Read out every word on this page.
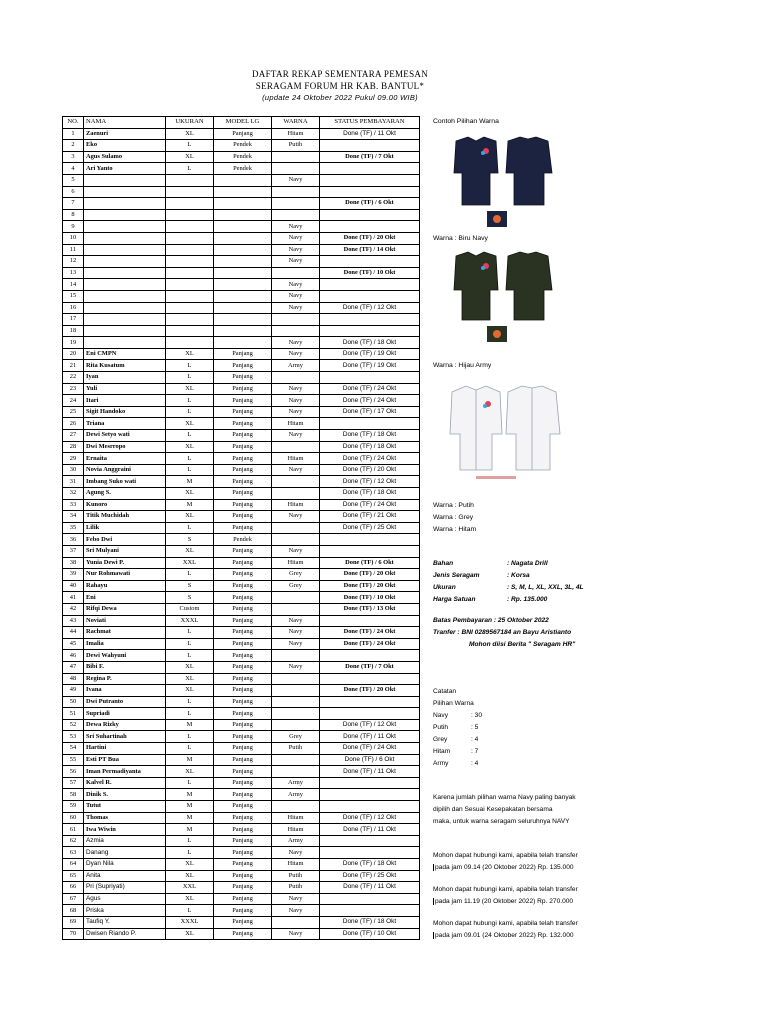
DAFTAR REKAP SEMENTARA PEMESAN
SERAGAM FORUM HR KAB. BANTUL*
(update 24 Oktober 2022 Pukul 09.00 WIB)
NO.	NAMA	UKURAN	MODEL LG	WARNA	STATUS PEMBAYARAN
1	Zaenuri	XL	Panjang	Hitam	Done (TF) / 11 Okt
2	Eko	L	Pendek	Putih	
3	Agus Sulamo	XL	Pendek		Done (TF) / 7 Okt
4	Ari Yanto	L	Pendek		
5				Navy	
6					
7					Done (TF) / 6 Okt
8					
9				Navy	
10				Navy	Done (TF) / 20 Okt
11				Navy	Done (TF) / 14 Okt
12				Navy	
13					Done (TF) / 10 Okt
14				Navy	
15				Navy	
16				Navy	Done (TF) / 12 Okt
17					
18					
19				Navy	Done (TF) / 18 Okt
20	Eni CMPN	XL	Panjang	Navy	Done (TF) / 19 Okt
21	Rita Kusatum	L	Panjang	Army	Done (TF) / 19 Okt
22	Iyan	L	Panjang		
23	Yuli	XL	Panjang	Navy	Done (TF) / 24 Okt
24	Itari	L	Panjang	Navy	Done (TF) / 24 Okt
25	Sigit Handoko	L	Panjang	Navy	Done (TF) / 17 Okt
26	Triana	XL	Panjang	Hitam	
27	Dewi Setyo wati	L	Panjang	Navy	Done (TF) / 18 Okt
28	Dwi Mesrropo	XL	Panjang		Done (TF) / 18 Okt
29	Ernaita	L	Panjang	Hitam	Done (TF) / 24 Okt
30	Novia Anggraini	L	Panjang	Navy	Done (TF) / 20 Okt
31	Imbang Suko wati	M	Panjang		Done (TF) / 12 Okt
32	Agung S.	XL	Panjang		Done (TF) / 18 Okt
33	Kunoro	M	Panjang	Hitam	Done (TF) / 24 Okt
34	Titik Muchidah	XL	Panjang	Navy	Done (TF) / 21 Okt
35	Lilik	L	Panjang		Done (TF) / 25 Okt
36	Febo Dwi	S	Pendek		
37	Sri Mulyani	XL	Panjang	Navy	
38	Yunia Dewi P.	XXL	Panjang	Hitam	Done (TF) / 6 Okt
39	Nur Rohmawati	L	Panjang	Grey	Done (TF) / 20 Okt
40	Rahayu	S	Panjang	Grey	Done (TF) / 20 Okt
41	Eni	S	Panjang		Done (TF) / 10 Okt
42	Rifqi Dewa	Custom	Panjang		Done (TF) / 13 Okt
43	Noviati	XXXL	Panjang	Navy	
44	Rachmat	L	Panjang	Navy	Done (TF) / 24 Okt
45	Imalia	L	Panjang	Navy	Done (TF) / 24 Okt
46	Dewi Wahyuni	L	Panjang		
47	Bibi F.	XL	Panjang	Navy	Done (TF) / 7 Okt
48	Regina P.	XL	Panjang		
49	Ivana	XL	Panjang		Done (TF) / 20 Okt
50	Dwi Putranto	L	Panjang		
51	Supriadi	L	Panjang		
52	Dewa Rizky	M	Panjang		Done (TF) / 12 Okt
53	Sri Suhartinah	L	Panjang	Grey	Done (TF) / 11 Okt
54	Hartini	L	Panjang	Putih	Done (TF) / 24 Okt
55	Esti PT Bua	M	Panjang		Done (TF) / 6 Okt
56	Iman Permadiyanta	XL	Panjang		Done (TF) / 11 Okt
57	Kalvel R.	L	Panjang	Army	
58	Dinik S.	M	Panjang	Army	
59	Tutut	M	Panjang		
60	Thomas	M	Panjang	Hitam	Done (TF) / 12 Okt
61	Iwa Wiwin	M	Panjang	Hitam	Done (TF) / 11 Okt
62	Azmia	L	Panjang	Army	
63	Danang	L	Panjang	Navy	
64	Dyan Nila	XL	Panjang	Hitam	Done (TF) / 18 Okt
65	Anita	XL	Panjang	Putih	Done (TF) / 25 Okt
66	Pri (Supriyati)	XXL	Panjang	Putih	Done (TF) / 11 Okt
67	Agus	XL	Panjang	Navy	
68	Priska	L	Panjang	Navy	
69	Taufiq Y.	XXXL	Panjang		Done (TF) / 18 Okt
70	Dwisen Riando P.	XL	Panjang	Navy	Done (TF) / 10 Okt
Contoh Pilihan Warna
Warna : Biru Navy
Warna : Hijau Army
Warna : Putih
Warna : Grey
Warna : Hitam
Bahan	: Nagata Drill
Jenis Seragam	: Korsa
Ukuran	: S, M, L, XL, XXL, 3L, 4L
Harga Satuan	: Rp. 135.000
Batas Pembayaran : 25 Oktober 2022
Tranfer : BNI 0289567184 an Bayu Aristianto
Mohon diisi Berita " Seragam HR"
Catatan
Pilihan Warna
Navy	: 30
Putih	: 5
Grey	: 4
Hitam	: 7
Army	: 4
Karena jumlah pilihan warna Navy paling banyak
dipilih dan Sesuai Kesepakatan bersama
maka, untuk warna seragam seluruhnya NAVY
Mohon dapat hubungi kami, apabila telah transfer
pada jam 09.14 (20 Oktober 2022) Rp. 135.000
Mohon dapat hubungi kami, apabila telah transfer
pada jam 11.19 (20 Oktober 2022) Rp. 270.000
Mohon dapat hubungi kami, apabila telah transfer
pada jam 09.01 (24 Oktober 2022) Rp. 132.000
